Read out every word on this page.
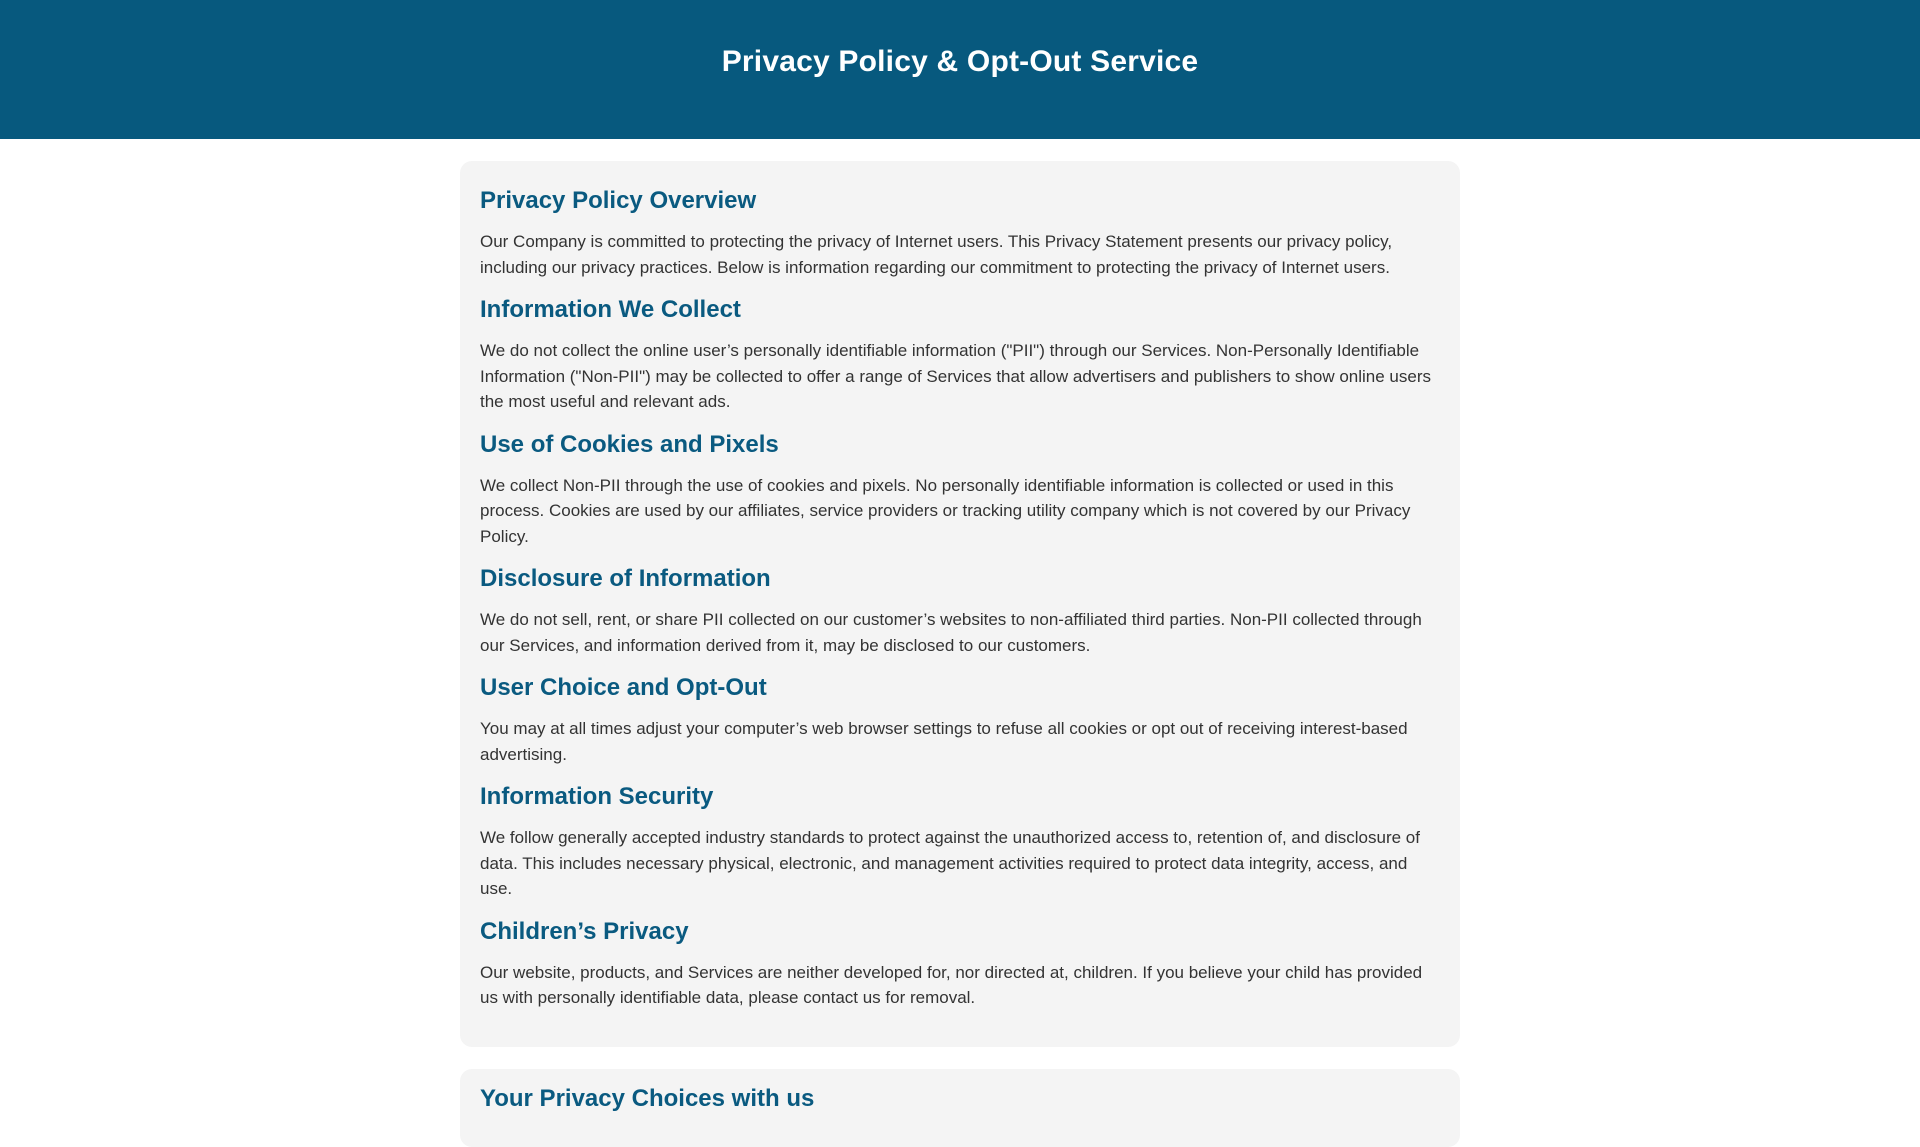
Privacy Policy & Opt-Out Service
Privacy Policy Overview

Our Company is committed to protecting the privacy of Internet users. This Privacy Statement presents our privacy policy, including our privacy practices. Below is information regarding our commitment to protecting the privacy of Internet users.

Information We Collect

We do not collect the online user’s personally identifiable information ("PII") through our Services. Non-Personally Identifiable Information ("Non-PII") may be collected to offer a range of Services that allow advertisers and publishers to show online users the most useful and relevant ads.

Use of Cookies and Pixels

We collect Non-PII through the use of cookies and pixels. No personally identifiable information is collected or used in this process. Cookies are used by our affiliates, service providers or tracking utility company which is not covered by our Privacy Policy.

Disclosure of Information

We do not sell, rent, or share PII collected on our customer’s websites to non-affiliated third parties. Non-PII collected through our Services, and information derived from it, may be disclosed to our customers.

User Choice and Opt-Out

You may at all times adjust your computer’s web browser settings to refuse all cookies or opt out of receiving interest-based advertising.

Information Security

We follow generally accepted industry standards to protect against the unauthorized access to, retention of, and disclosure of data. This includes necessary physical, electronic, and management activities required to protect data integrity, access, and use.

Children’s Privacy

Our website, products, and Services are neither developed for, nor directed at, children. If you believe your child has provided us with personally identifiable data, please contact us for removal.

Your Privacy Choices with us
